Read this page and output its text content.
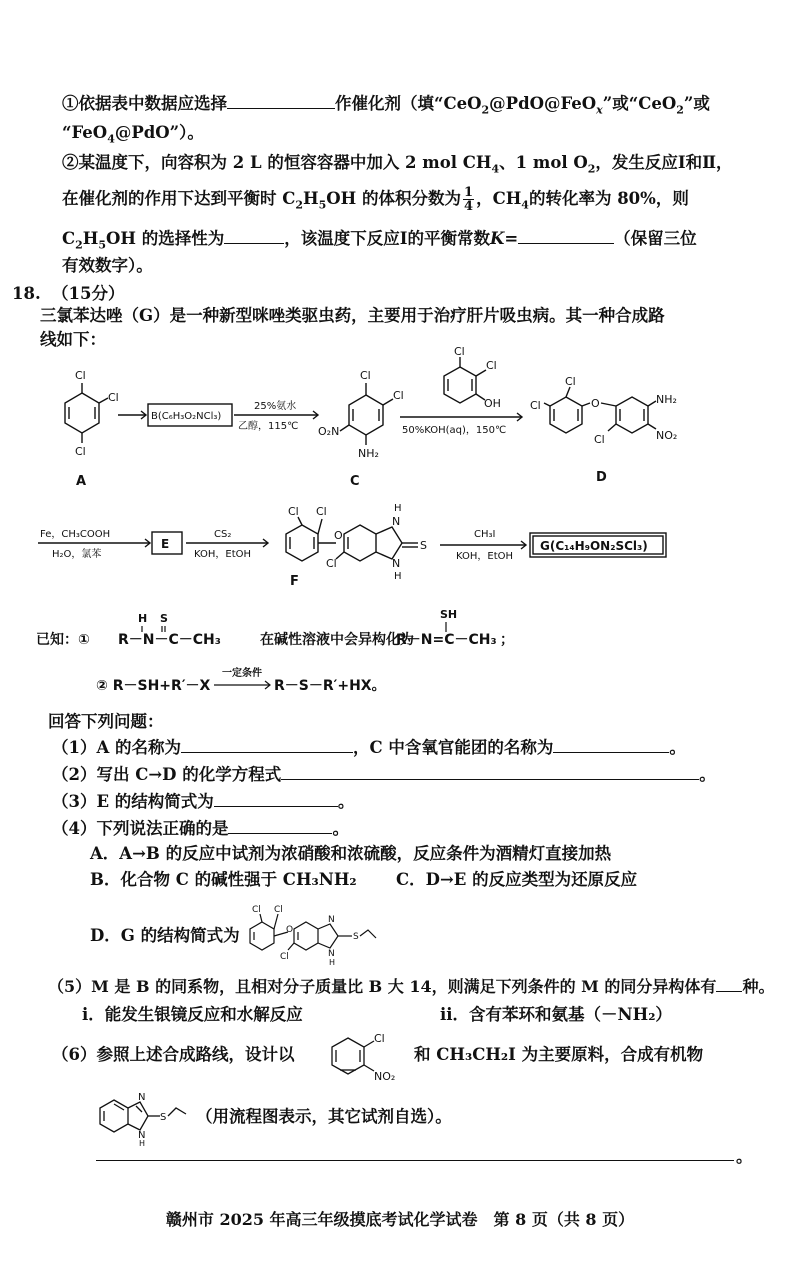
①依据表中数据应选择	作催化剂（填“CeO$_2$@PdO@FeO$_x$”或“CeO$_2$”或
“FeO$_4$@PdO”）。
②某温度下，向容积为 2 L 的恒容容器中加入 2 mol $CH_4$、1 mol $O_2$，发生反应Ⅰ和Ⅱ，
在催化剂的作用下达到平衡时 $C_2H_5OH$ 的体积分数为 $\frac{1}{4}$ ，$CH_4$的转化率为 80%，则
$C_2H_5OH$ 的选择性为	，该温度下反应Ⅰ的平衡常数K=	（保留三位
有效数字）。
18. （15分）
三氯苯达唑（G）是一种新型咪唑类驱虫药，主要用于治疗肝片吸虫病。其一种合成路
线如下：
Cl
Cl
Cl
A
B(C₆H₃O₂NCl₃)
25%氨水
乙醇，115℃
Cl
Cl
O₂N
NH₂
C
Cl
Cl
OH
50%KOH(aq)，150℃
Cl
Cl	O	NH₂
NO₂
Cl
D
Fe，CH₃COOH
H₂O，氯苯
E
CS₂
KOH，EtOH
Cl Cl
O
H
N
N
H
S
Cl
F
CH₃I
KOH，EtOH
G(C₁₄H₉ON₂SCl₃)
已知：① R－N－C－CH₃
H S
在碱性溶液中会异构化为
R－N=C－CH₃
SH
；
② R－SH+R′－X
一定条件
R－S－R′+HX。
回答下列问题：
（1）A 的名称为	，C 中含氧官能团的名称为	。
（2）写出 C→D 的化学方程式	。
（3）E 的结构简式为	。
（4）下列说法正确的是	。
A．A→B 的反应中试剂为浓硝酸和浓硫酸，反应条件为酒精灯直接加热
B．化合物 C 的碱性强于 CH₃NH₂ C．D→E 的反应类型为还原反应
D．G 的结构简式为
Cl Cl
O
N
N
H
S
Cl
（5）M 是 B 的同系物，且相对分子质量比 B 大 14，则满足下列条件的 M 的同分异构体有 种。
i．能发生银镜反应和水解反应	ii．含有苯环和氨基（－NH₂）
（6）参照上述合成路线，设计以
Cl
NO₂
和 CH₃CH₂I 为主要原料，合成有机物
N
N
H
S （用流程图表示，其它试剂自选）。
。
赣州市 2025 年高三年级摸底考试化学试卷　第 8 页（共 8 页）
